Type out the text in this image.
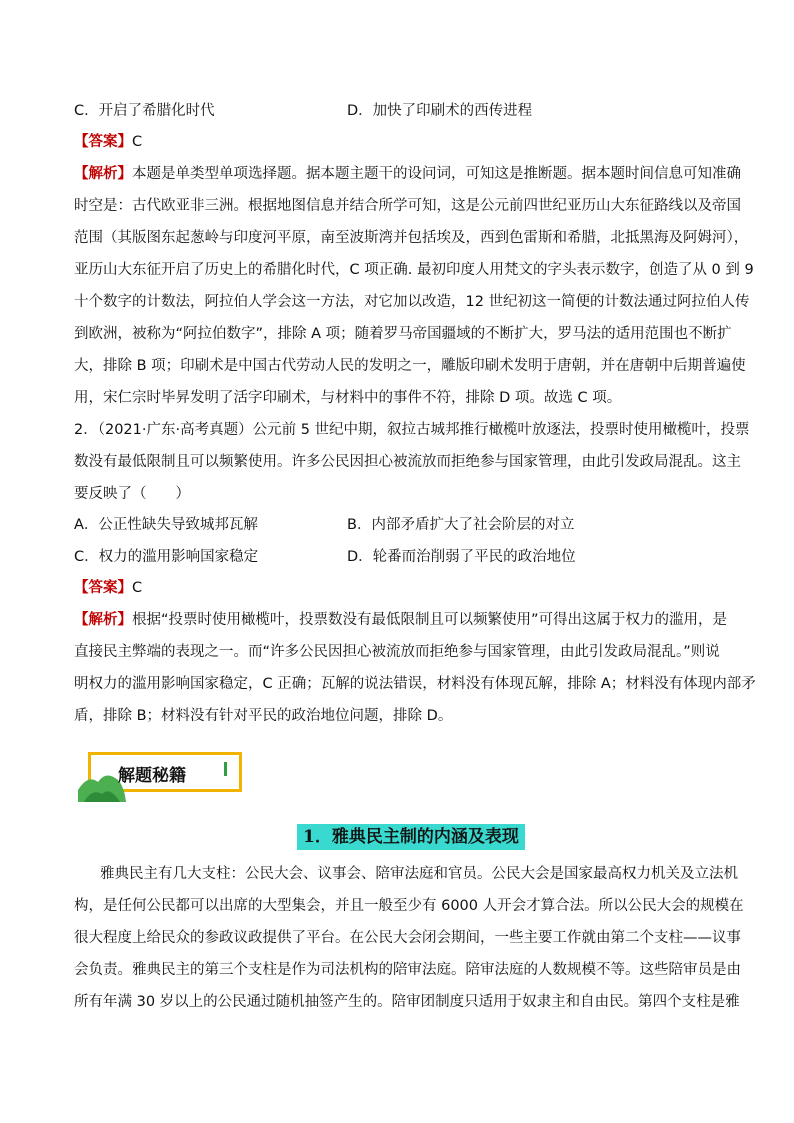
C．开启了希腊化时代	D．加快了印刷术的西传进程
【答案】C
【解析】本题是单类型单项选择题。据本题主题干的设问词，可知这是推断题。据本题时间信息可知准确
时空是：古代欧亚非三洲。根据地图信息并结合所学可知，这是公元前四世纪亚历山大东征路线以及帝国
范围（其版图东起葱岭与印度河平原，南至波斯湾并包括埃及，西到色雷斯和希腊，北抵黑海及阿姆河），
亚历山大东征开启了历史上的希腊化时代，C 项正确. 最初印度人用梵文的字头表示数字，创造了从 0 到 9
十个数字的计数法，阿拉伯人学会这一方法，对它加以改造，12 世纪初这一简便的计数法通过阿拉伯人传
到欧洲，被称为“阿拉伯数字”，排除 A 项；随着罗马帝国疆域的不断扩大，罗马法的适用范围也不断扩
大，排除 B 项；印刷术是中国古代劳动人民的发明之一，雕版印刷术发明于唐朝，并在唐朝中后期普遍使
用，宋仁宗时毕昇发明了活字印刷术，与材料中的事件不符，排除 D 项。故选 C 项。
2．（2021·广东·高考真题）公元前 5 世纪中期，叙拉古城邦推行橄榄叶放逐法，投票时使用橄榄叶，投票
数没有最低限制且可以频繁使用。许多公民因担心被流放而拒绝参与国家管理，由此引发政局混乱。这主
要反映了（　　）
A．公正性缺失导致城邦瓦解	B．内部矛盾扩大了社会阶层的对立
C．权力的滥用影响国家稳定	D．轮番而治削弱了平民的政治地位
【答案】C
【解析】根据“投票时使用橄榄叶，投票数没有最低限制且可以频繁使用”可得出这属于权力的滥用，是
直接民主弊端的表现之一。而“许多公民因担心被流放而拒绝参与国家管理，由此引发政局混乱。”则说
明权力的滥用影响国家稳定，C 正确；瓦解的说法错误，材料没有体现瓦解，排除 A；材料没有体现内部矛
盾，排除 B；材料没有针对平民的政治地位问题，排除 D。
解题秘籍
1．雅典民主制的内涵及表现
雅典民主有几大支柱：公民大会、议事会、陪审法庭和官员。公民大会是国家最高权力机关及立法机
构，是任何公民都可以出席的大型集会，并且一般至少有 6000 人开会才算合法。所以公民大会的规模在
很大程度上给民众的参政议政提供了平台。在公民大会闭会期间，一些主要工作就由第二个支柱——议事
会负责。雅典民主的第三个支柱是作为司法机构的陪审法庭。陪审法庭的人数规模不等。这些陪审员是由
所有年满 30 岁以上的公民通过随机抽签产生的。陪审团制度只适用于奴隶主和自由民。第四个支柱是雅
